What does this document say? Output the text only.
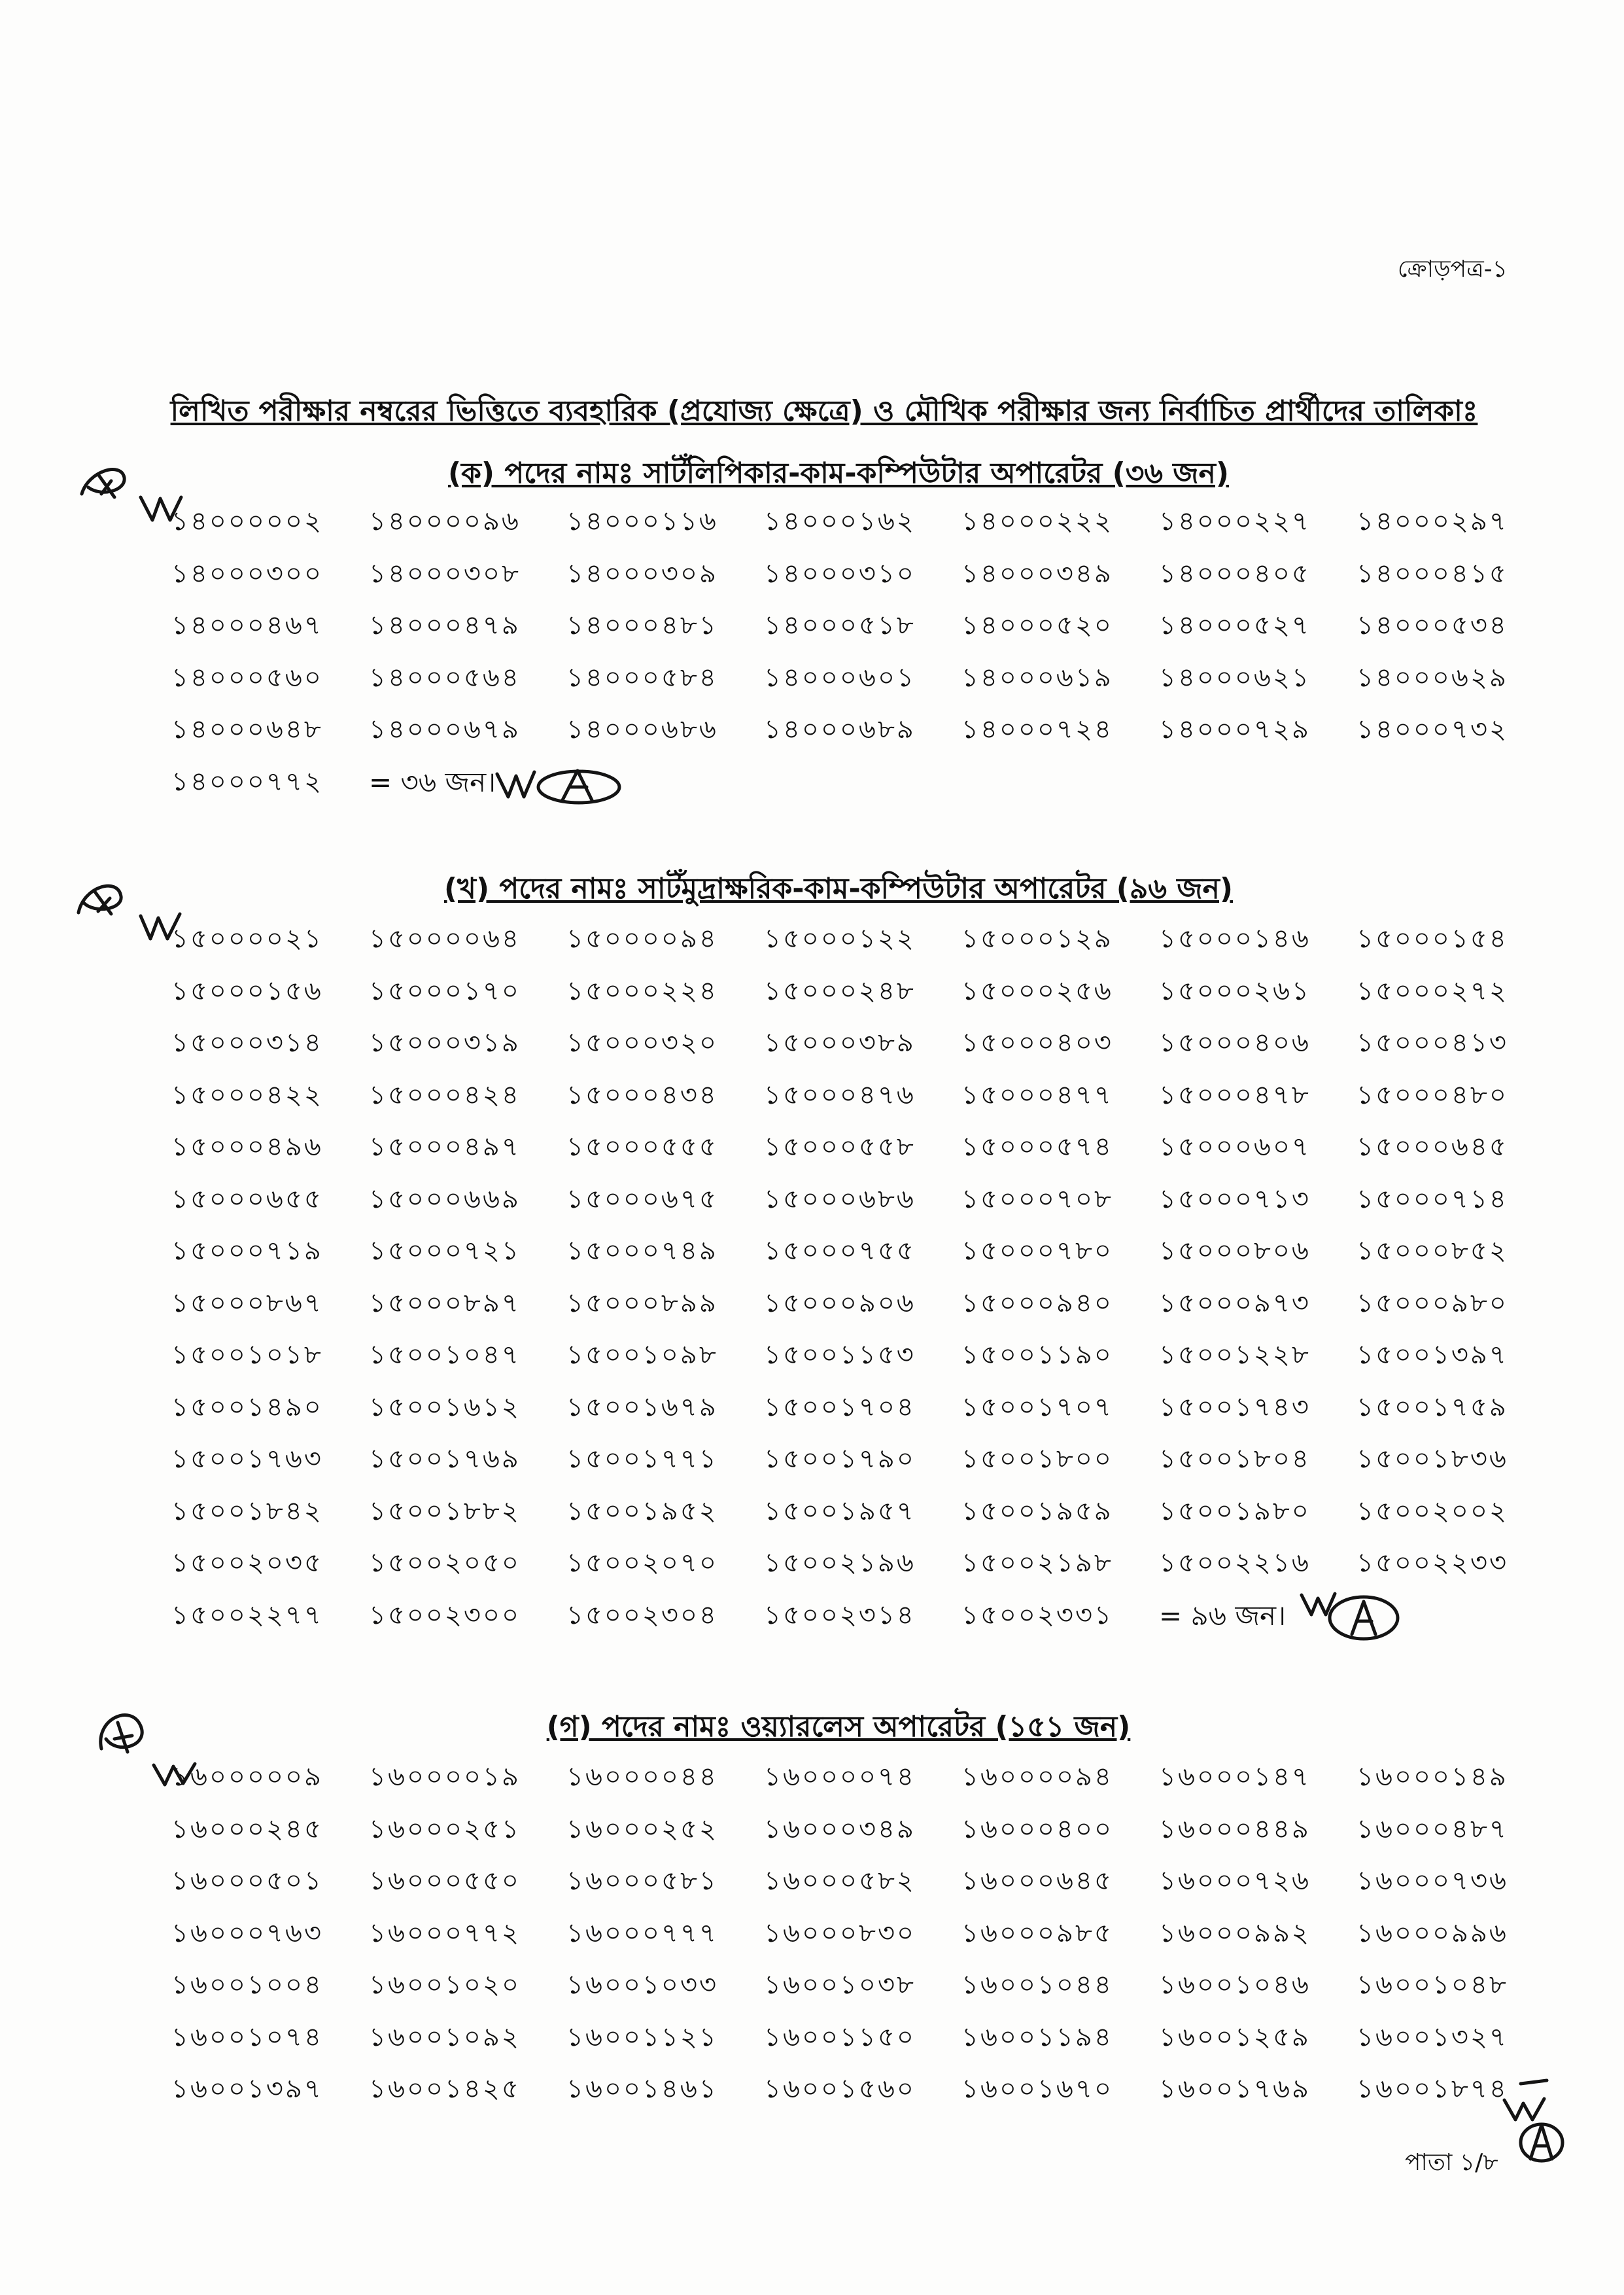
ক্রোড়পত্র-১
লিখিত পরীক্ষার নম্বরের ভিত্তিতে ব্যবহারিক (প্রযোজ্য ক্ষেত্রে) ও মৌখিক পরীক্ষার জন্য নির্বাচিত প্রার্থীদের তালিকাঃ
(ক) পদের নামঃ সাটঁলিপিকার-কাম-কম্পিউটার অপারেটর (৩৬ জন)
১৪০০০০০২	১৪০০০০৯৬	১৪০০০১১৬	১৪০০০১৬২	১৪০০০২২২	১৪০০০২২৭	১৪০০০২৯৭
১৪০০০৩০০	১৪০০০৩০৮	১৪০০০৩০৯	১৪০০০৩১০	১৪০০০৩৪৯	১৪০০০৪০৫	১৪০০০৪১৫
১৪০০০৪৬৭	১৪০০০৪৭৯	১৪০০০৪৮১	১৪০০০৫১৮	১৪০০০৫২০	১৪০০০৫২৭	১৪০০০৫৩৪
১৪০০০৫৬০	১৪০০০৫৬৪	১৪০০০৫৮৪	১৪০০০৬০১	১৪০০০৬১৯	১৪০০০৬২১	১৪০০০৬২৯
১৪০০০৬৪৮	১৪০০০৬৭৯	১৪০০০৬৮৬	১৪০০০৬৮৯	১৪০০০৭২৪	১৪০০০৭২৯	১৪০০০৭৩২
১৪০০০৭৭২	= ৩৬ জন।
(খ) পদের নামঃ সাটঁমুদ্রাক্ষরিক-কাম-কম্পিউটার অপারেটর (৯৬ জন)
১৫০০০০২১	১৫০০০০৬৪	১৫০০০০৯৪	১৫০০০১২২	১৫০০০১২৯	১৫০০০১৪৬	১৫০০০১৫৪
১৫০০০১৫৬	১৫০০০১৭০	১৫০০০২২৪	১৫০০০২৪৮	১৫০০০২৫৬	১৫০০০২৬১	১৫০০০২৭২
১৫০০০৩১৪	১৫০০০৩১৯	১৫০০০৩২০	১৫০০০৩৮৯	১৫০০০৪০৩	১৫০০০৪০৬	১৫০০০৪১৩
১৫০০০৪২২	১৫০০০৪২৪	১৫০০০৪৩৪	১৫০০০৪৭৬	১৫০০০৪৭৭	১৫০০০৪৭৮	১৫০০০৪৮০
১৫০০০৪৯৬	১৫০০০৪৯৭	১৫০০০৫৫৫	১৫০০০৫৫৮	১৫০০০৫৭৪	১৫০০০৬০৭	১৫০০০৬৪৫
১৫০০০৬৫৫	১৫০০০৬৬৯	১৫০০০৬৭৫	১৫০০০৬৮৬	১৫০০০৭০৮	১৫০০০৭১৩	১৫০০০৭১৪
১৫০০০৭১৯	১৫০০০৭২১	১৫০০০৭৪৯	১৫০০০৭৫৫	১৫০০০৭৮০	১৫০০০৮০৬	১৫০০০৮৫২
১৫০০০৮৬৭	১৫০০০৮৯৭	১৫০০০৮৯৯	১৫০০০৯০৬	১৫০০০৯৪০	১৫০০০৯৭৩	১৫০০০৯৮০
১৫০০১০১৮	১৫০০১০৪৭	১৫০০১০৯৮	১৫০০১১৫৩	১৫০০১১৯০	১৫০০১২২৮	১৫০০১৩৯৭
১৫০০১৪৯০	১৫০০১৬১২	১৫০০১৬৭৯	১৫০০১৭০৪	১৫০০১৭০৭	১৫০০১৭৪৩	১৫০০১৭৫৯
১৫০০১৭৬৩	১৫০০১৭৬৯	১৫০০১৭৭১	১৫০০১৭৯০	১৫০০১৮০০	১৫০০১৮০৪	১৫০০১৮৩৬
১৫০০১৮৪২	১৫০০১৮৮২	১৫০০১৯৫২	১৫০০১৯৫৭	১৫০০১৯৫৯	১৫০০১৯৮০	১৫০০২০০২
১৫০০২০৩৫	১৫০০২০৫০	১৫০০২০৭০	১৫০০২১৯৬	১৫০০২১৯৮	১৫০০২২১৬	১৫০০২২৩৩
১৫০০২২৭৭	১৫০০২৩০০	১৫০০২৩০৪	১৫০০২৩১৪	১৫০০২৩৩১	= ৯৬ জন।
(গ) পদের নামঃ ওয়্যারলেস অপারেটর (১৫১ জন)
১৬০০০০০৯	১৬০০০০১৯	১৬০০০০৪৪	১৬০০০০৭৪	১৬০০০০৯৪	১৬০০০১৪৭	১৬০০০১৪৯
১৬০০০২৪৫	১৬০০০২৫১	১৬০০০২৫২	১৬০০০৩৪৯	১৬০০০৪০০	১৬০০০৪৪৯	১৬০০০৪৮৭
১৬০০০৫০১	১৬০০০৫৫০	১৬০০০৫৮১	১৬০০০৫৮২	১৬০০০৬৪৫	১৬০০০৭২৬	১৬০০০৭৩৬
১৬০০০৭৬৩	১৬০০০৭৭২	১৬০০০৭৭৭	১৬০০০৮৩০	১৬০০০৯৮৫	১৬০০০৯৯২	১৬০০০৯৯৬
১৬০০১০০৪	১৬০০১০২০	১৬০০১০৩৩	১৬০০১০৩৮	১৬০০১০৪৪	১৬০০১০৪৬	১৬০০১০৪৮
১৬০০১০৭৪	১৬০০১০৯২	১৬০০১১২১	১৬০০১১৫০	১৬০০১১৯৪	১৬০০১২৫৯	১৬০০১৩২৭
১৬০০১৩৯৭	১৬০০১৪২৫	১৬০০১৪৬১	১৬০০১৫৬০	১৬০০১৬৭০	১৬০০১৭৬৯	১৬০০১৮৭৪
পাতা ১/৮
